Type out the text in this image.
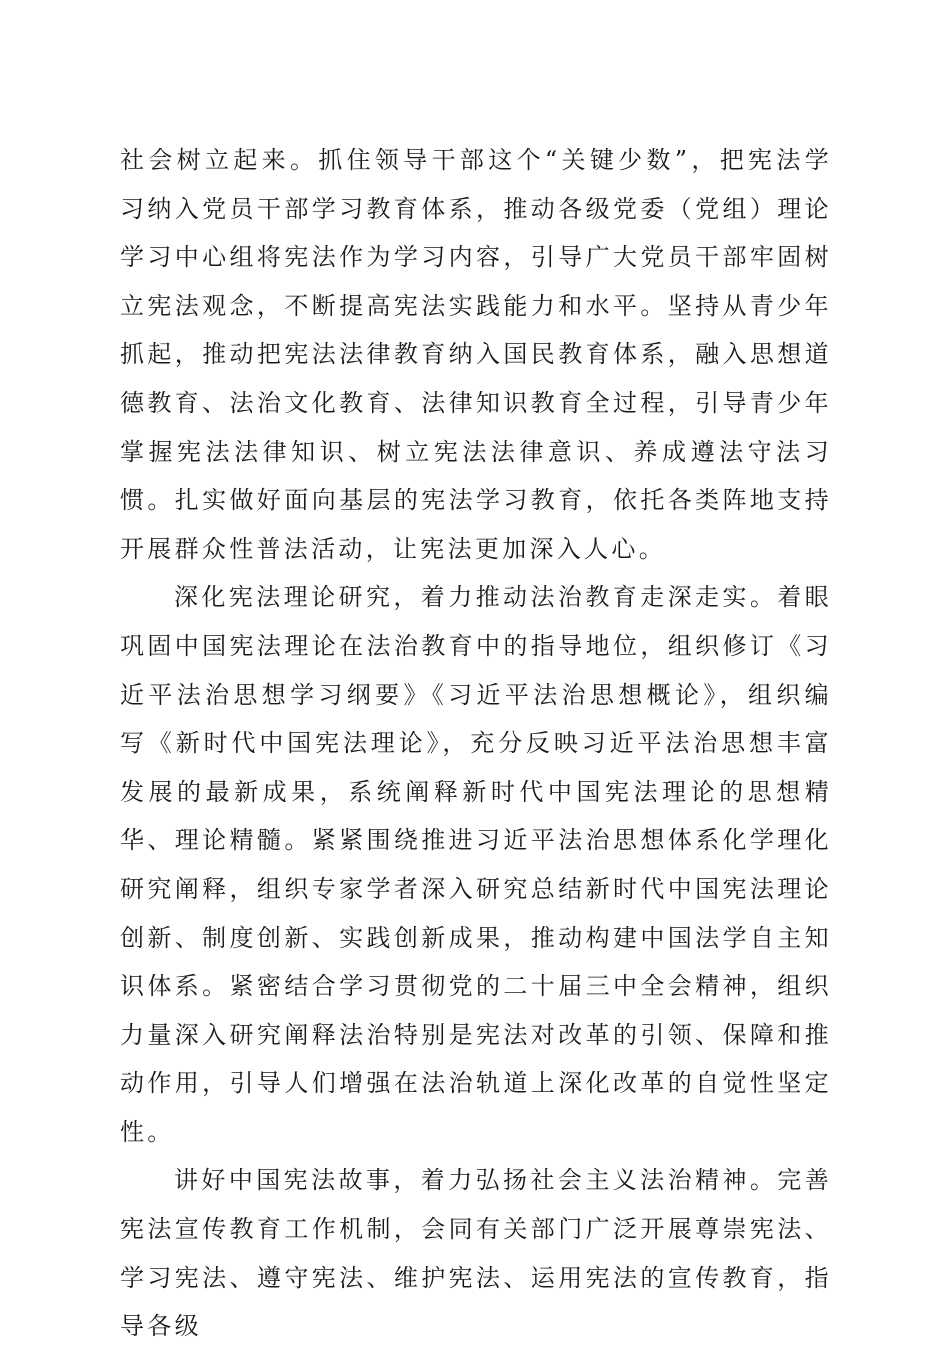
社会树立起来。抓住领导干部这个“关键少数”，把宪法学习纳入党员干部学习教育体系，推动各级党委（党组）理论学习中心组将宪法作为学习内容，引导广大党员干部牢固树立宪法观念，不断提高宪法实践能力和水平。坚持从青少年抓起，推动把宪法法律教育纳入国民教育体系，融入思想道德教育、法治文化教育、法律知识教育全过程，引导青少年掌握宪法法律知识、树立宪法法律意识、养成遵法守法习惯。扎实做好面向基层的宪法学习教育，依托各类阵地支持开展群众性普法活动，让宪法更加深入人心。

深化宪法理论研究，着力推动法治教育走深走实。着眼巩固中国宪法理论在法治教育中的指导地位，组织修订《习近平法治思想学习纲要》《习近平法治思想概论》，组织编写《新时代中国宪法理论》，充分反映习近平法治思想丰富发展的最新成果，系统阐释新时代中国宪法理论的思想精华、理论精髓。紧紧围绕推进习近平法治思想体系化学理化研究阐释，组织专家学者深入研究总结新时代中国宪法理论创新、制度创新、实践创新成果，推动构建中国法学自主知识体系。紧密结合学习贯彻党的二十届三中全会精神，组织力量深入研究阐释法治特别是宪法对改革的引领、保障和推动作用，引导人们增强在法治轨道上深化改革的自觉性坚定性。

讲好中国宪法故事，着力弘扬社会主义法治精神。完善宪法宣传教育工作机制，会同有关部门广泛开展尊崇宪法、学习宪法、遵守宪法、维护宪法、运用宪法的宣传教育，指导各级
